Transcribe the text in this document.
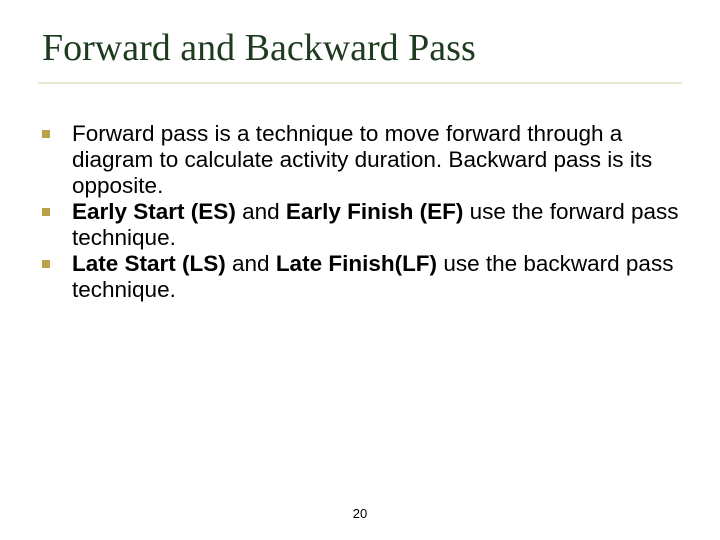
Forward and Backward Pass
Forward pass is a technique to move forward through a diagram to calculate activity duration. Backward pass is its opposite.
Early Start (ES) and Early Finish (EF) use the forward pass technique.
Late Start (LS) and Late Finish(LF) use the backward pass technique.
20
